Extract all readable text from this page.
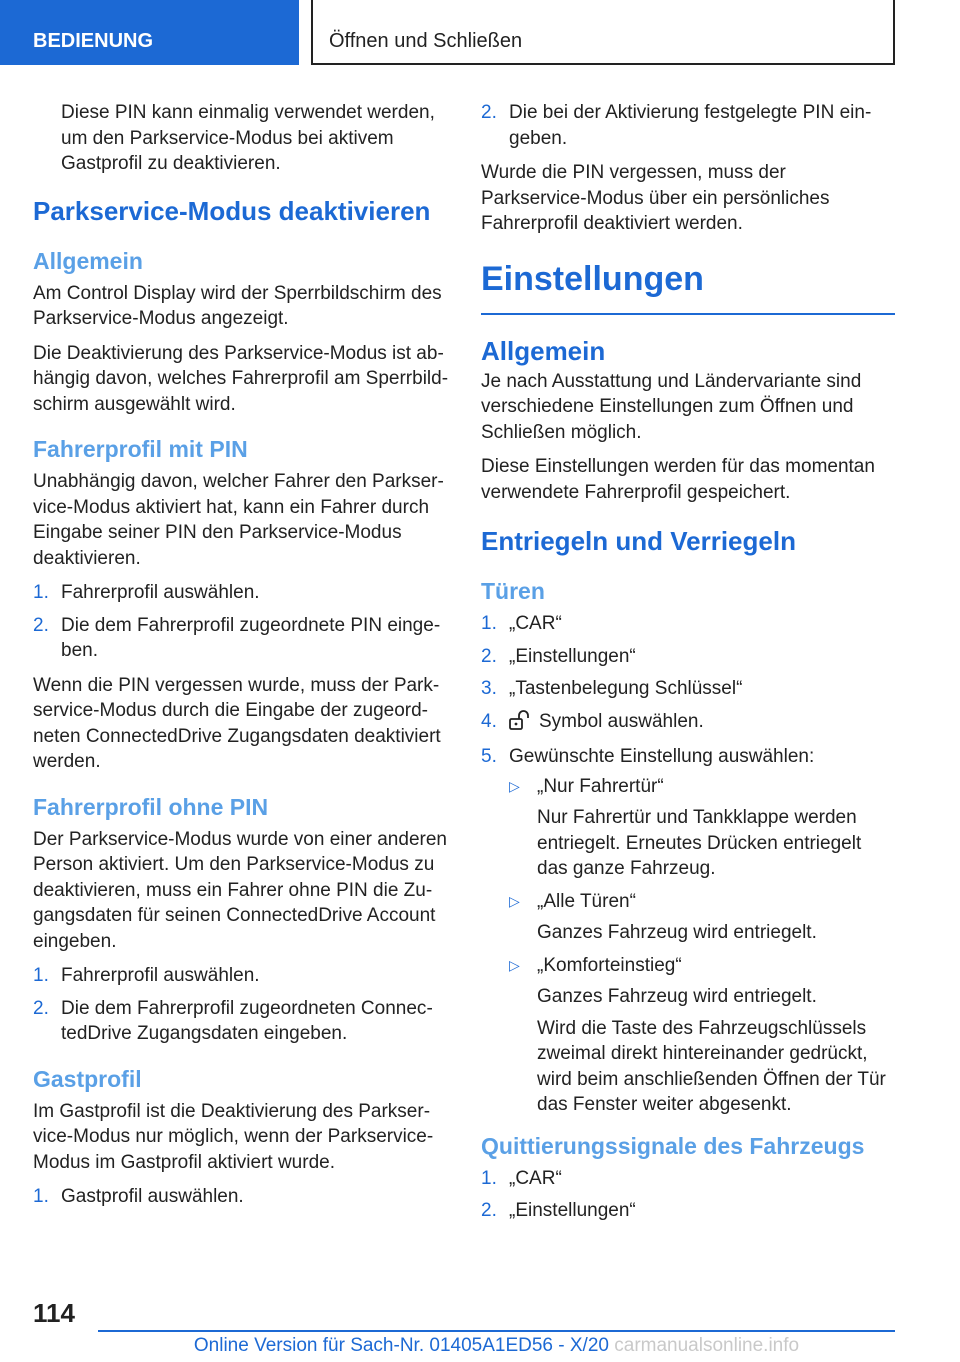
BEDIENUNG	Öffnen und Schließen

Diese PIN kann einmalig verwendet werden, um den Parkservice-Modus bei aktivem Gastprofil zu deaktivieren.

Parkservice-Modus deaktivieren
Allgemein

Am Control Display wird der Sperrbildschirm des Parkservice-Modus angezeigt.

Die Deaktivierung des Parkservice-Modus ist abhängig davon, welches Fahrerprofil am Sperrbildschirm ausgewählt wird.

Fahrerprofil mit PIN

Unabhängig davon, welcher Fahrer den Parkservice-Modus aktiviert hat, kann ein Fahrer durch Eingabe seiner PIN den Parkservice-Modus deaktivieren.

1. Fahrerprofil auswählen.
2. Die dem Fahrerprofil zugeordnete PIN eingeben.

Wenn die PIN vergessen wurde, muss der Parkservice-Modus durch die Eingabe der zugeordneten ConnectedDrive Zugangsdaten deaktiviert werden.

Fahrerprofil ohne PIN

Der Parkservice-Modus wurde von einer anderen Person aktiviert. Um den Parkservice-Modus zu deaktivieren, muss ein Fahrer ohne PIN die Zugangsdaten für seinen ConnectedDrive Account eingeben.

1. Fahrerprofil auswählen.
2. Die dem Fahrerprofil zugeordneten ConnectedDrive Zugangsdaten eingeben.
Gastprofil

Im Gastprofil ist die Deaktivierung des Parkservice-Modus nur möglich, wenn der Parkservice-Modus im Gastprofil aktiviert wurde.

1. Gastprofil auswählen.
2. Die bei der Aktivierung festgelegte PIN eingeben.

Wurde die PIN vergessen, muss der Parkservice-Modus über ein persönliches Fahrerprofil deaktiviert werden.

Einstellungen
Allgemein

Je nach Ausstattung und Ländervariante sind verschiedene Einstellungen zum Öffnen und Schließen möglich.

Diese Einstellungen werden für das momentan verwendete Fahrerprofil gespeichert.

Entriegeln und Verriegeln
Türen
1. „CAR“
2. „Einstellungen“
3. „Tastenbelegung Schlüssel“
4. Symbol auswählen.
5. Gewünschte Einstellung auswählen:
▷ „Nur Fahrertür“
Nur Fahrertür und Tankklappe werden entriegelt. Erneutes Drücken entriegelt das ganze Fahrzeug.
▷ „Alle Türen“
Ganzes Fahrzeug wird entriegelt.
▷ „Komforteinstieg“
Ganzes Fahrzeug wird entriegelt.
Wird die Taste des Fahrzeugschlüssels zweimal direkt hintereinander gedrückt, wird beim anschließenden Öffnen der Tür das Fenster weiter abgesenkt.
Quittierungssignale des Fahrzeugs
1. „CAR“
2. „Einstellungen“
114
Online Version für Sach-Nr. 01405A1ED56 - X/20 carmanualsonline.info
